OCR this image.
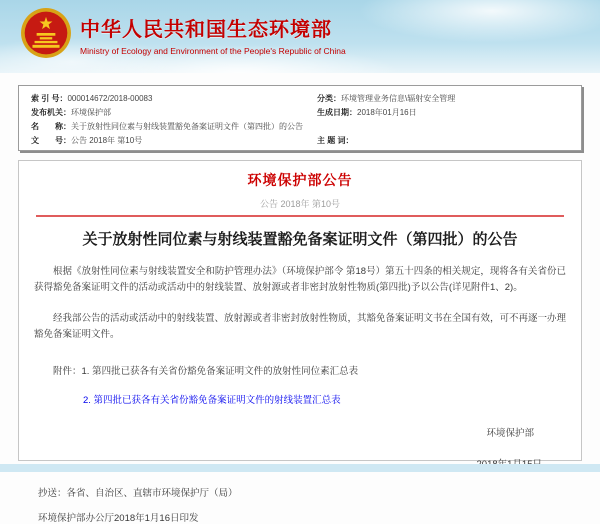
中华人民共和国生态环境部
Ministry of Ecology and Environment of the People's Republic of China
索 引 号：000014672/2018-00083
发布机关：环境保护部
名　　称：关于放射性同位素与射线装置豁免备案证明文件（第四批）的公告
文　　号：公告 2018年 第10号
分类：环境管理业务信息\辐射安全管理
生成日期：2018年01月16日
主 题 词：
环境保护部公告
公告 2018年 第10号
关于放射性同位素与射线装置豁免备案证明文件（第四批）的公告

根据《放射性同位素与射线装置安全和防护管理办法》（环境保护部令 第18号）第五十四条的相关规定，现将各有关省份已获得豁免备案证明文件的活动或活动中的射线装置、放射源或者非密封放射性物质(第四批)予以公告(详见附件1、2)。

经我部公告的活动或活动中的射线装置、放射源或者非密封放射性物质，其豁免备案证明文书在全国有效，可不再逐一办理豁免备案证明文件。

附件：1. 第四批已获各有关省份豁免备案证明文件的放射性同位素汇总表
2. 第四批已获各有关省份豁免备案证明文件的射线装置汇总表
环境保护部
抄送：各省、自治区、直辖市环境保护厅（局）
环境保护部办公厅2018年1月16日印发
